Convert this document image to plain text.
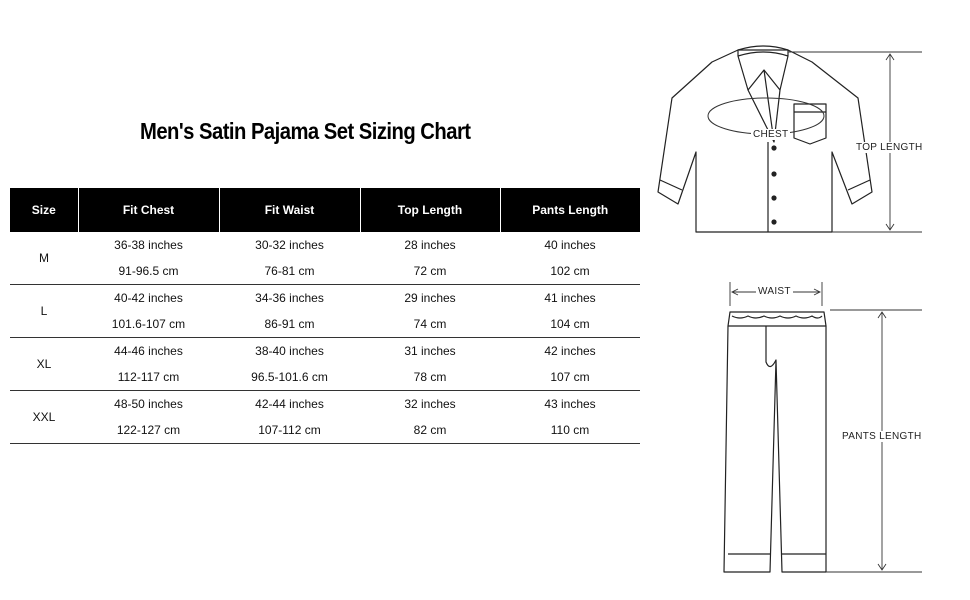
Men's Satin Pajama Set Sizing Chart
Size	Fit Chest	Fit Waist	Top Length	Pants Length
M	36-38 inches	30-32 inches	28 inches	40 inches
	91-96.5 cm	76-81 cm	72 cm	102 cm
L	40-42 inches	34-36 inches	29 inches	41 inches
	101.6-107 cm	86-91 cm	74 cm	104 cm
XL	44-46 inches	38-40 inches	31 inches	42 inches
	112-117 cm	96.5-101.6 cm	78 cm	107 cm
XXL	48-50 inches	42-44 inches	32 inches	43 inches
	122-127 cm	107-112 cm	82 cm	110 cm
CHEST
TOP LENGTH
WAIST
PANTS LENGTH
